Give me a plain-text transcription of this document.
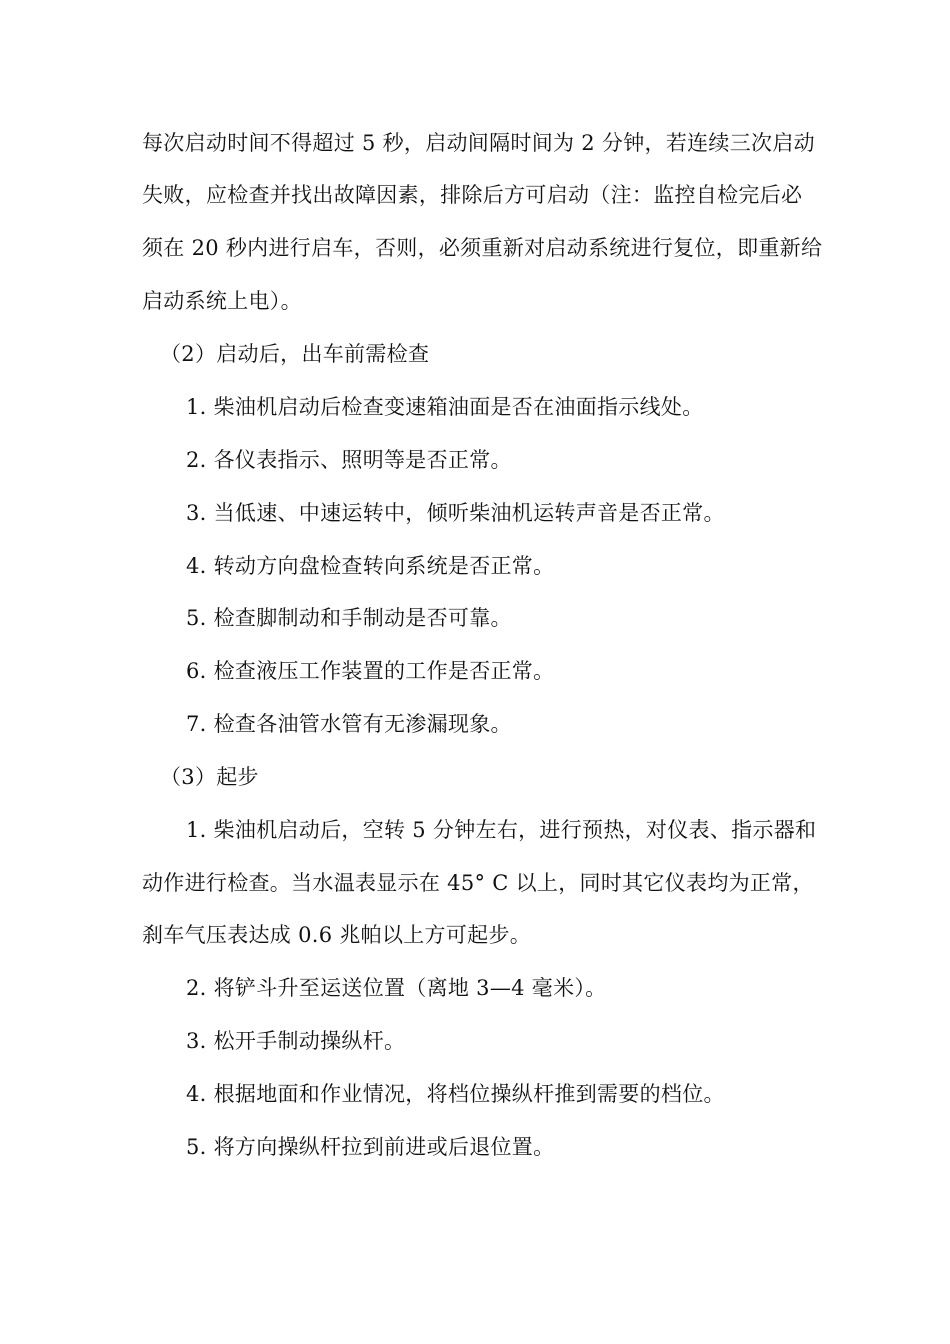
每次启动时间不得超过 5 秒，启动间隔时间为 2 分钟，若连续三次启动
失败，应检查并找出故障因素，排除后方可启动（注：监控自检完后必
须在 20 秒内进行启车，否则，必须重新对启动系统进行复位，即重新给
启动系统上电）。
（2）启动后，出车前需检查
1. 柴油机启动后检查变速箱油面是否在油面指示线处。
2. 各仪表指示、照明等是否正常。
3. 当低速、中速运转中，倾听柴油机运转声音是否正常。
4. 转动方向盘检查转向系统是否正常。
5. 检查脚制动和手制动是否可靠。
6. 检查液压工作装置的工作是否正常。
7. 检查各油管水管有无渗漏现象。
（3）起步
1. 柴油机启动后，空转 5 分钟左右，进行预热，对仪表、指示器和
动作进行检查。当水温表显示在 45° C 以上，同时其它仪表均为正常，
刹车气压表达成 0.6 兆帕以上方可起步。
2. 将铲斗升至运送位置（离地 3—4 毫米）。
3. 松开手制动操纵杆。
4. 根据地面和作业情况，将档位操纵杆推到需要的档位。
5. 将方向操纵杆拉到前进或后退位置。
